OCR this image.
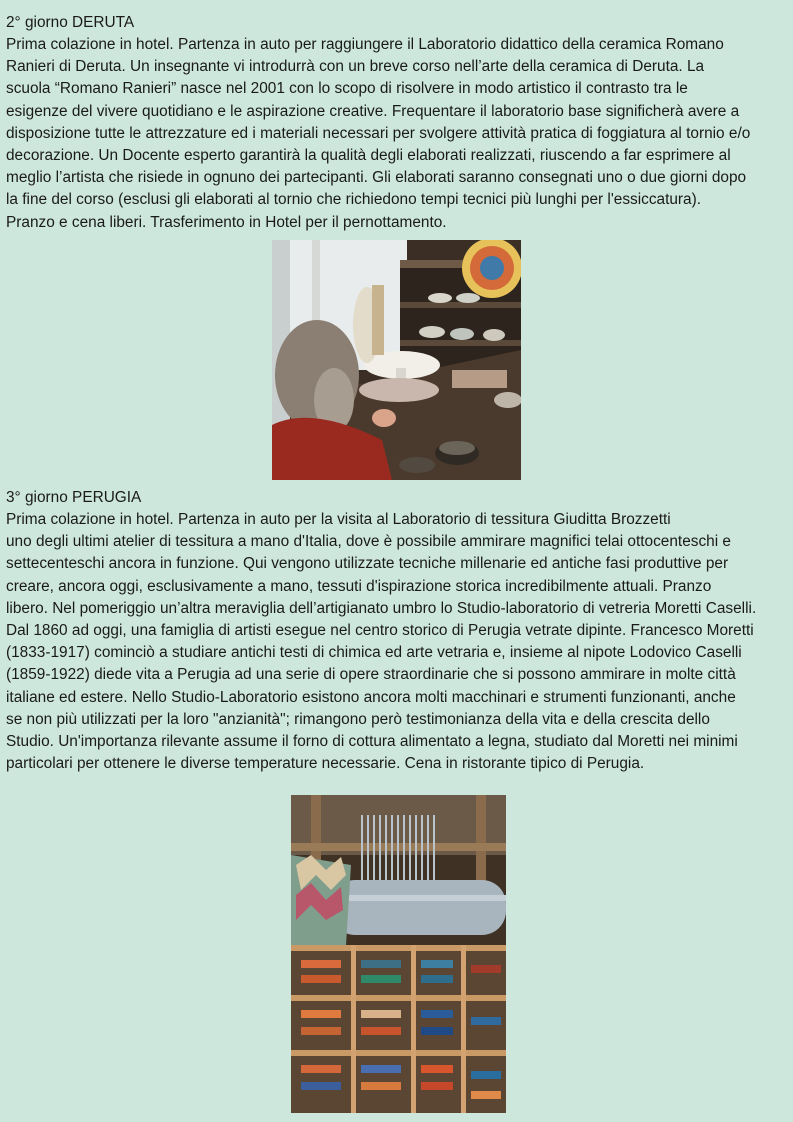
2° giorno DERUTA

Prima colazione in hotel. Partenza in auto per raggiungere il Laboratorio didattico della ceramica Romano
Ranieri di Deruta. Un insegnante vi introdurrà con un breve corso nell’arte della ceramica di Deruta. La
scuola “Romano Ranieri” nasce nel 2001 con lo scopo di risolvere in modo artistico il contrasto tra le
esigenze del vivere quotidiano e le aspirazione creative. Frequentare il laboratorio base significherà avere a
disposizione tutte le attrezzature ed i materiali necessari per svolgere attività pratica di foggiatura al tornio e/o
decorazione. Un Docente esperto garantirà la qualità degli elaborati realizzati, riuscendo a far esprimere al
meglio l’artista che risiede in ognuno dei partecipanti. Gli elaborati saranno consegnati uno o due giorni dopo
la fine del corso (esclusi gli elaborati al tornio che richiedono tempi tecnici più lunghi per l'essiccatura).
Pranzo e cena liberi. Trasferimento in Hotel per il pernottamento.

3° giorno PERUGIA

Prima colazione in hotel. Partenza in auto per la visita al Laboratorio di tessitura Giuditta Brozzetti
uno degli ultimi atelier di tessitura a mano d'Italia, dove è possibile ammirare magnifici telai ottocenteschi e
settecenteschi ancora in funzione. Qui vengono utilizzate tecniche millenarie ed antiche fasi produttive per
creare, ancora oggi, esclusivamente a mano, tessuti d'ispirazione storica incredibilmente attuali. Pranzo
libero. Nel pomeriggio un’altra meraviglia dell’artigianato umbro lo Studio-laboratorio di vetreria Moretti Caselli.
Dal 1860 ad oggi, una famiglia di artisti esegue nel centro storico di Perugia vetrate dipinte. Francesco Moretti
(1833-1917) cominciò a studiare antichi testi di chimica ed arte vetraria e, insieme al nipote Lodovico Caselli
(1859-1922) diede vita a Perugia ad una serie di opere straordinarie che si possono ammirare in molte città
italiane ed estere. Nello Studio-Laboratorio esistono ancora molti macchinari e strumenti funzionanti, anche
se non più utilizzati per la loro "anzianità"; rimangono però testimonianza della vita e della crescita dello
Studio. Un'importanza rilevante assume il forno di cottura alimentato a legna, studiato dal Moretti nei minimi
particolari per ottenere le diverse temperature necessarie. Cena in ristorante tipico di Perugia.
